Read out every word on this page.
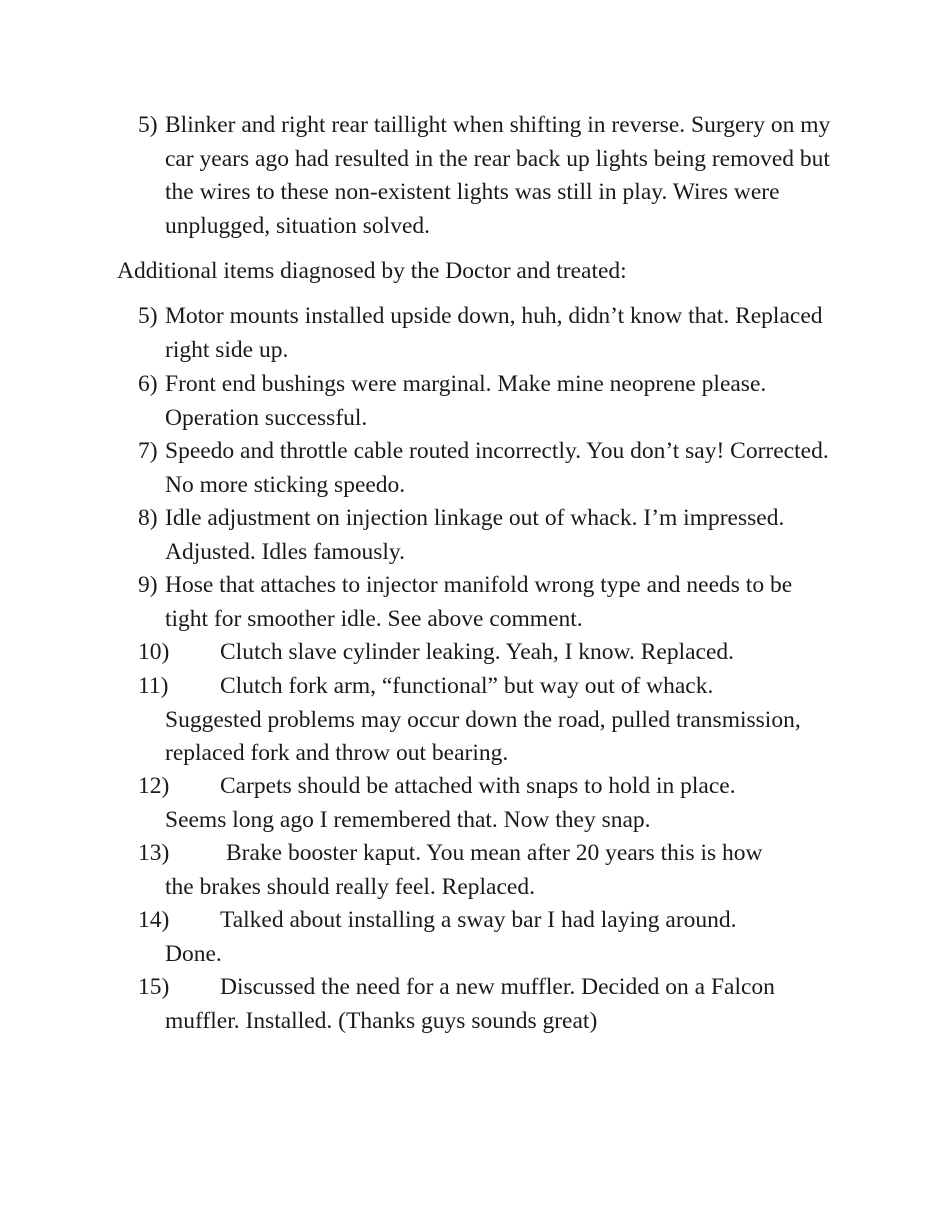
5) Blinker and right rear taillight when shifting in reverse. Surgery on my car years ago had resulted in the rear back up lights being removed but the wires to these non-existent lights was still in play. Wires were unplugged, situation solved.
Additional items diagnosed by the Doctor and treated:
5) Motor mounts installed upside down, huh, didn’t know that. Replaced right side up.
6) Front end bushings were marginal. Make mine neoprene please. Operation successful.
7) Speedo and throttle cable routed incorrectly. You don’t say! Corrected. No more sticking speedo.
8) Idle adjustment on injection linkage out of whack. I’m impressed. Adjusted. Idles famously.
9) Hose that attaches to injector manifold wrong type and needs to be tight for smoother idle. See above comment.
10)	Clutch slave cylinder leaking. Yeah, I know. Replaced.
11)	Clutch fork arm, “functional” but way out of whack.
Suggested problems may occur down the road, pulled transmission, replaced fork and throw out bearing.
12)	Carpets should be attached with snaps to hold in place.
Seems long ago I remembered that. Now they snap.
13)	Brake booster kaput. You mean after 20 years this is how
the brakes should really feel. Replaced.
14)	Talked about installing a sway bar I had laying around.
Done.
15)	Discussed the need for a new muffler. Decided on a Falcon
muffler. Installed. (Thanks guys sounds great)
